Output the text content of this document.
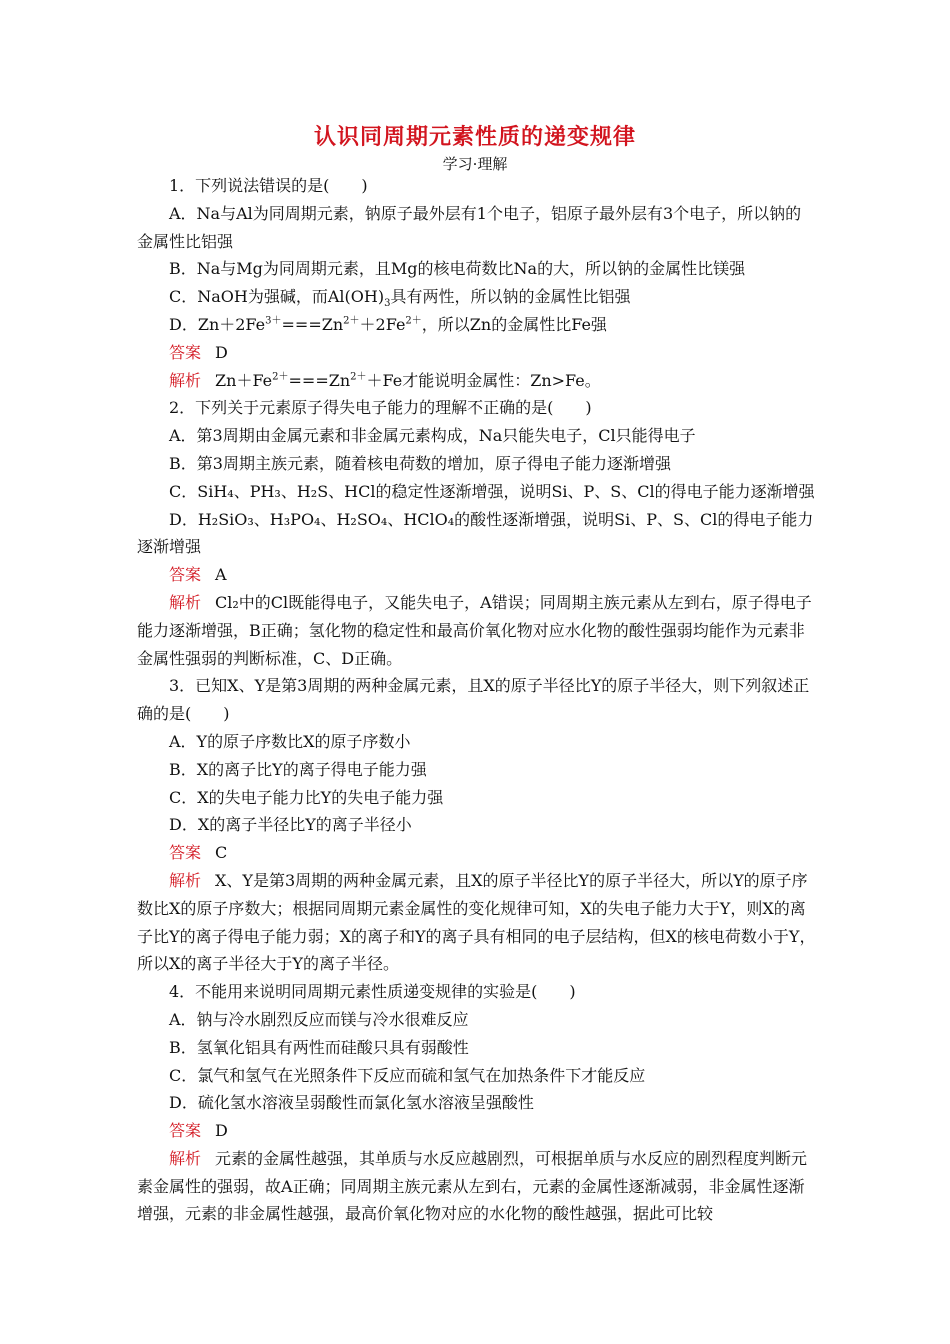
认识同周期元素性质的递变规律
学习·理解

1．下列说法错误的是(　　)

A．Na与Al为同周期元素，钠原子最外层有1个电子，铝原子最外层有3个电子，所以钠的金属性比铝强

B．Na与Mg为同周期元素，且Mg的核电荷数比Na的大，所以钠的金属性比镁强

C．NaOH为强碱，而$Al(OH)_3$具有两性，所以钠的金属性比铝强

D．$Zn+2Fe^{3+}===Zn^{2+}+2Fe^{2+}$，所以Zn的金属性比Fe强

答案 D

解析 $Zn+Fe^{2+}===Zn^{2+}+Fe$才能说明金属性：Zn>Fe。

2．下列关于元素原子得失电子能力的理解不正确的是(　　)

A．第3周期由金属元素和非金属元素构成，Na只能失电子，Cl只能得电子

B．第3周期主族元素，随着核电荷数的增加，原子得电子能力逐渐增强

C．SiH₄、PH₃、H₂S、HCl的稳定性逐渐增强，说明Si、P、S、Cl的得电子能力逐渐增强

D．H₂SiO₃、H₃PO₄、H₂SO₄、HClO₄的酸性逐渐增强，说明Si、P、S、Cl的得电子能力逐渐增强

答案 A

解析 Cl₂中的Cl既能得电子，又能失电子，A错误；同周期主族元素从左到右，原子得电子能力逐渐增强，B正确；氢化物的稳定性和最高价氧化物对应水化物的酸性强弱均能作为元素非金属性强弱的判断标准，C、D正确。

3．已知X、Y是第3周期的两种金属元素，且X的原子半径比Y的原子半径大，则下列叙述正确的是(　　)

A．Y的原子序数比X的原子序数小

B．X的离子比Y的离子得电子能力强

C．X的失电子能力比Y的失电子能力强

D．X的离子半径比Y的离子半径小

答案 C

解析 X、Y是第3周期的两种金属元素，且X的原子半径比Y的原子半径大，所以Y的原子序数比X的原子序数大；根据同周期元素金属性的变化规律可知，X的失电子能力大于Y，则X的离子比Y的离子得电子能力弱；X的离子和Y的离子具有相同的电子层结构，但X的核电荷数小于Y，所以X的离子半径大于Y的离子半径。

4．不能用来说明同周期元素性质递变规律的实验是(　　)

A．钠与冷水剧烈反应而镁与冷水很难反应

B．氢氧化铝具有两性而硅酸只具有弱酸性

C．氯气和氢气在光照条件下反应而硫和氢气在加热条件下才能反应

D．硫化氢水溶液呈弱酸性而氯化氢水溶液呈强酸性

答案 D

解析 元素的金属性越强，其单质与水反应越剧烈，可根据单质与水反应的剧烈程度判断元素金属性的强弱，故A正确；同周期主族元素从左到右，元素的金属性逐渐减弱，非金属性逐渐增强，元素的非金属性越强，最高价氧化物对应的水化物的酸性越强，据此可比较
